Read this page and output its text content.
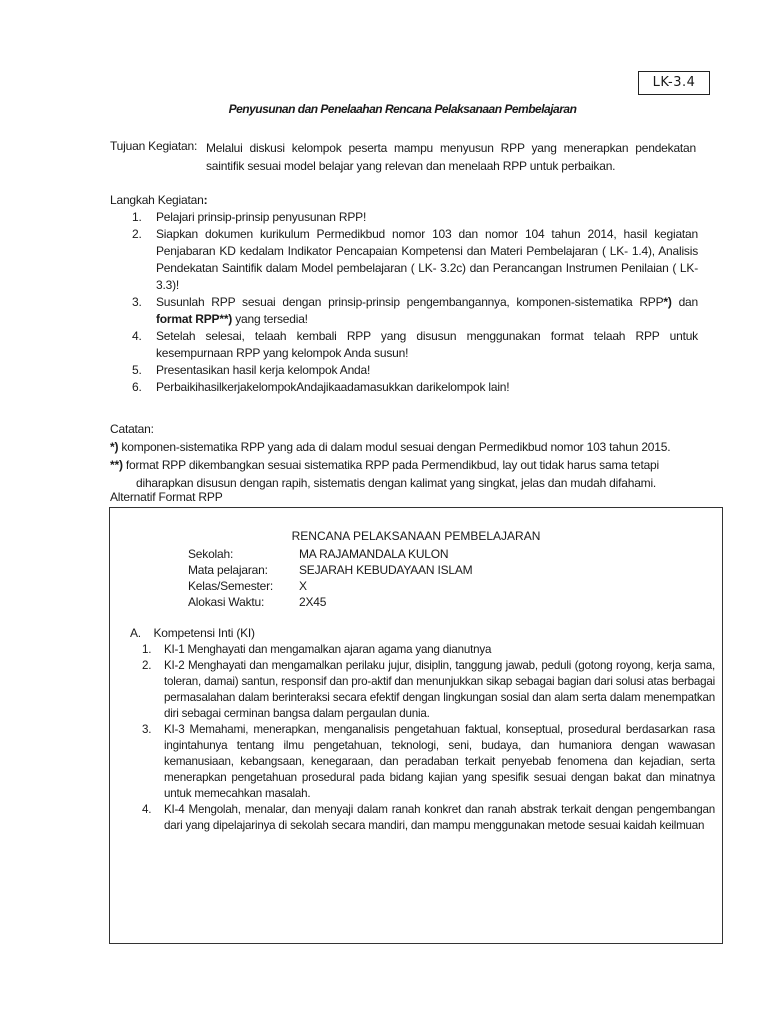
LK-3.4
Penyusunan dan Penelaahan Rencana Pelaksanaan Pembelajaran
Tujuan Kegiatan: Melalui diskusi kelompok peserta mampu menyusun RPP yang menerapkan pendekatan saintifik sesuai model belajar yang relevan dan menelaah RPP untuk perbaikan.
Langkah Kegiatan:
1. Pelajari prinsip-prinsip penyusunan RPP!
2. Siapkan dokumen kurikulum Permedikbud nomor 103 dan nomor 104 tahun 2014, hasil kegiatan Penjabaran KD kedalam Indikator Pencapaian Kompetensi dan Materi Pembelajaran ( LK- 1.4), Analisis Pendekatan Saintifik dalam Model pembelajaran ( LK- 3.2c) dan Perancangan Instrumen Penilaian ( LK- 3.3)!
3. Susunlah RPP sesuai dengan prinsip-prinsip pengembangannya, komponen-sistematika RPP*) dan format RPP**) yang tersedia!
4. Setelah selesai, telaah kembali RPP yang disusun menggunakan format telaah RPP untuk kesempurnaan RPP yang kelompok Anda susun!
5. Presentasikan hasil kerja kelompok Anda!
6. PerbaikihasilkerjakelompokAndajikaadamasukkan darikelompok lain!
Catatan:
*) komponen-sistematika RPP yang ada di dalam modul sesuai dengan Permedikbud nomor 103 tahun 2015.
**) format RPP dikembangkan sesuai sistematika RPP pada Permendikbud, lay out tidak harus sama tetapi
diharapkan disusun dengan rapih, sistematis dengan kalimat yang singkat, jelas dan mudah difahami.
Alternatif Format RPP
RENCANA PELAKSANAAN PEMBELAJARAN
Sekolah:	MA RAJAMANDALA KULON
Mata pelajaran:	SEJARAH KEBUDAYAAN ISLAM
Kelas/Semester:	X
Alokasi Waktu:	2X45
A.    Kompetensi Inti (KI)
1. KI-1 Menghayati dan mengamalkan ajaran agama yang dianutnya
2. KI-2 Menghayati dan mengamalkan perilaku jujur, disiplin, tanggung jawab, peduli (gotong royong, kerja sama, toleran, damai) santun, responsif dan pro-aktif dan menunjukkan sikap sebagai bagian dari solusi atas berbagai permasalahan dalam berinteraksi secara efektif dengan lingkungan sosial dan alam serta dalam menempatkan diri sebagai cerminan bangsa dalam pergaulan dunia.
3. KI-3 Memahami, menerapkan, menganalisis pengetahuan faktual, konseptual, prosedural berdasarkan rasa ingintahunya tentang ilmu pengetahuan, teknologi, seni, budaya, dan humaniora dengan wawasan kemanusiaan, kebangsaan, kenegaraan, dan peradaban terkait penyebab fenomena dan kejadian, serta menerapkan pengetahuan prosedural pada bidang kajian yang spesifik sesuai dengan bakat dan minatnya untuk memecahkan masalah.
4. KI-4 Mengolah, menalar, dan menyaji dalam ranah konkret dan ranah abstrak terkait dengan pengembangan dari yang dipelajarinya di sekolah secara mandiri, dan mampu menggunakan metode sesuai kaidah keilmuan
